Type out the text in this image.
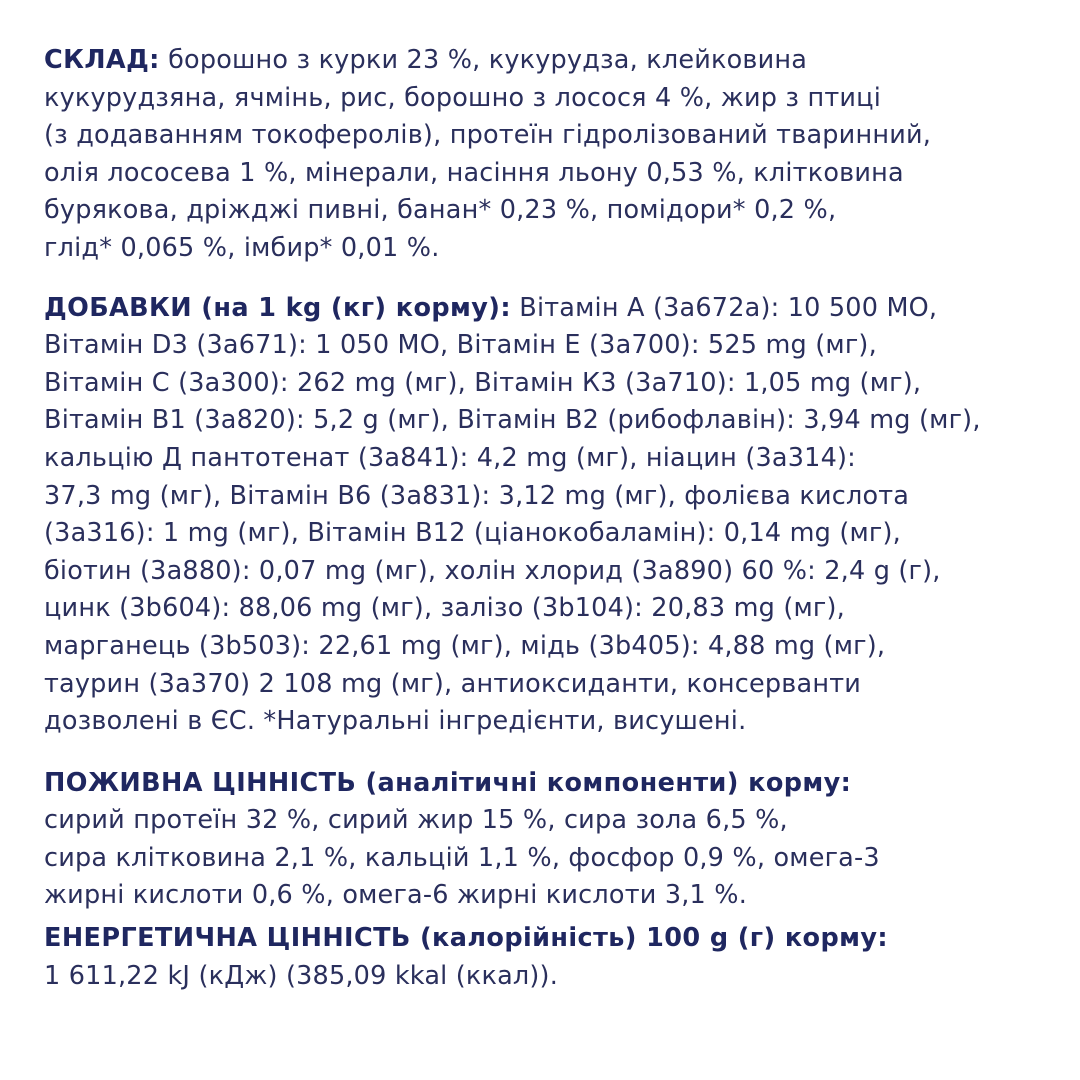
СКЛАД: борошно з курки 23 %, кукурудза, клейковина
кукурудзяна, ячмінь, рис, борошно з лосося 4 %, жир з птиці
(з додаванням токоферолів), протеїн гідролізований тваринний,
олія лососева 1 %, мінерали, насіння льону 0,53 %, клітковина
бурякова, дріжджі пивні, банан* 0,23 %, помідори* 0,2 %,
глід* 0,065 %, імбир* 0,01 %.
ДОБАВКИ (на 1 kg (кг) корму): Вітамін А (3a672a): 10 500 МО,
Вітамін D3 (3a671): 1 050 МО, Вітамін Е (3a700): 525 mg (мг),
Вітамін С (3a300): 262 mg (мг), Вітамін К3 (3a710): 1,05 mg (мг),
Вітамін В1 (3a820): 5,2 g (мг), Вітамін В2 (рибофлавін): 3,94 mg (мг),
кальцію Д пантотенат (3a841): 4,2 mg (мг), ніацин (3a314):
37,3 mg (мг), Вітамін В6 (3a831): 3,12 mg (мг), фолієва кислота
(3a316): 1 mg (мг), Вітамін В12 (ціанокобаламін): 0,14 mg (мг),
біотин (3a880): 0,07 mg (мг), холін хлорид (3a890) 60 %: 2,4 g (г),
цинк (3b604): 88,06 mg (мг), залізо (3b104): 20,83 mg (мг),
марганець (3b503): 22,61 mg (мг), мідь (3b405): 4,88 mg (мг),
таурин (3a370) 2 108 mg (мг), антиоксиданти, консерванти
дозволені в ЄС. *Натуральні інгредієнти, висушені.
ПОЖИВНА ЦІННІСТЬ (аналітичні компоненти) корму:
сирий протеїн 32 %, сирий жир 15 %, сира зола 6,5 %,
сира клітковина 2,1 %, кальцій 1,1 %, фосфор 0,9 %, омега-3
жирні кислоти 0,6 %, омега-6 жирні кислоти 3,1 %.
ЕНЕРГЕТИЧНА ЦІННІСТЬ (калорійність) 100 g (г) корму:
1 611,22 kJ (кДж) (385,09 kkal (ккал)).
